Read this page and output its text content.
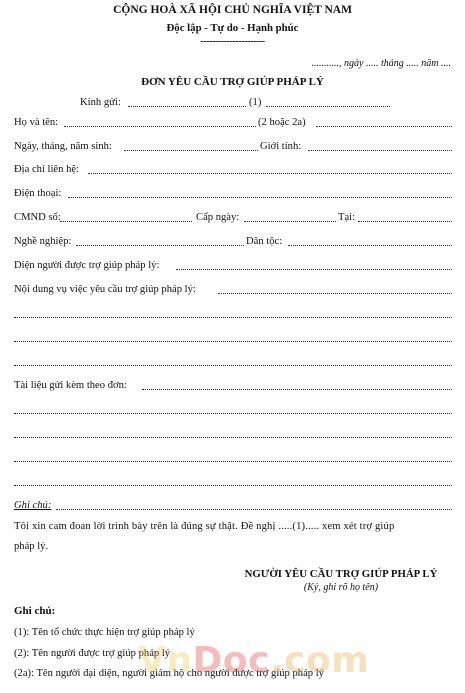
CỘNG HOÀ XÃ HỘI CHỦ NGHĨA VIỆT NAM
Độc lập - Tự do - Hạnh phúc
----------------------
..........., ngày ..... tháng ..... năm ....
ĐƠN YÊU CẦU TRỢ GIÚP PHÁP LÝ
Kính gửi:	(1)
Họ và tên:	(2 hoặc 2a)
Ngày, tháng, năm sinh:	Giới tính:
Địa chỉ liên hệ:
Điện thoại:
CMND số:	Cấp ngày:	Tại:
Nghề nghiệp:	Dân tộc:
Diện người được trợ giúp pháp lý:
Nội dung vụ việc yêu cầu trợ giúp pháp lý:
Tài liệu gửi kèm theo đơn:
Ghi chú:
Tôi xin cam đoan lời trình bày trên là đúng sự thật. Đề nghị .....(1)..... xem xét trợ giúp
pháp lý.
NGƯỜI YÊU CẦU TRỢ GIÚP PHÁP LÝ
(Ký, ghi rõ họ tên)
Ghi chú:
(1): Tên tổ chức thực hiện trợ giúp pháp lý
(2): Tên người được trợ giúp pháp lý
(2a): Tên người đại diện, người giám hộ cho người được trợ giúp pháp lý
VnDoc.com
